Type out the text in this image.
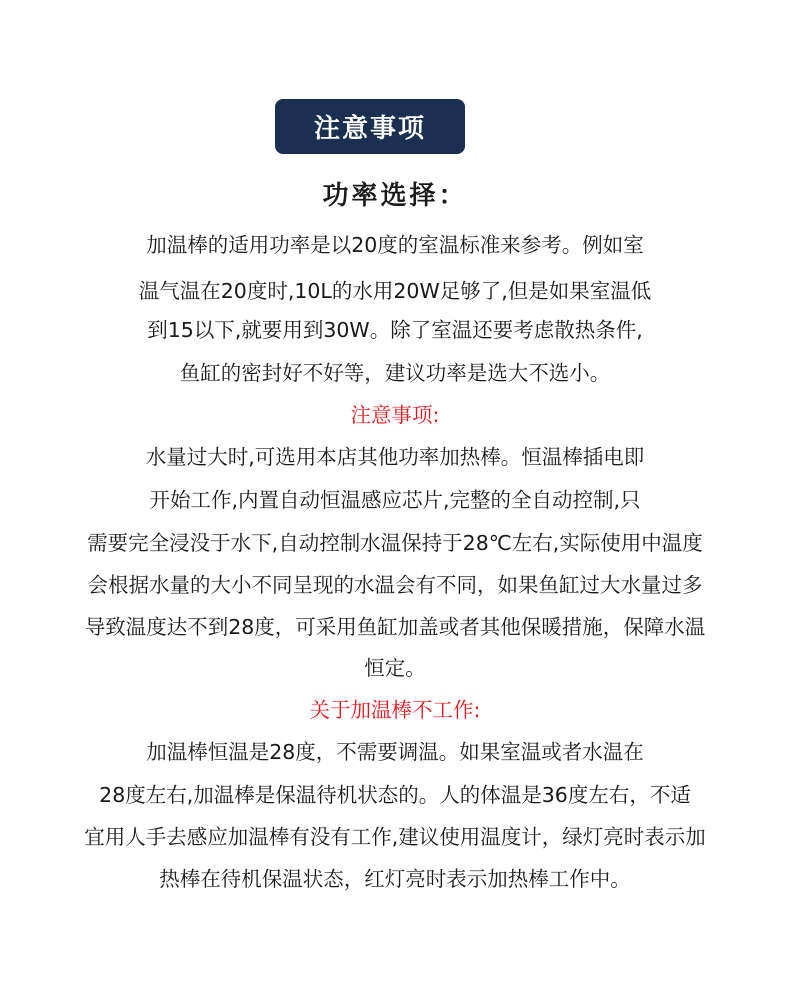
注意事项
功率选择：
加温棒的适用功率是以20度的室温标准来参考。例如室
温气温在20度时,10L的水用20W足够了,但是如果室温低
到15以下,就要用到30W。除了室温还要考虑散热条件,
鱼缸的密封好不好等，建议功率是选大不选小。
注意事项:
水量过大时,可选用本店其他功率加热棒。恒温棒插电即
开始工作,内置自动恒温感应芯片,完整的全自动控制,只
需要完全浸没于水下,自动控制水温保持于28℃左右,实际使用中温度
会根据水量的大小不同呈现的水温会有不同，如果鱼缸过大水量过多
导致温度达不到28度，可采用鱼缸加盖或者其他保暖措施，保障水温
恒定。
关于加温棒不工作:
加温棒恒温是28度，不需要调温。如果室温或者水温在
28度左右,加温棒是保温待机状态的。人的体温是36度左右，不适
宜用人手去感应加温棒有没有工作,建议使用温度计，绿灯亮时表示加
热棒在待机保温状态，红灯亮时表示加热棒工作中。
